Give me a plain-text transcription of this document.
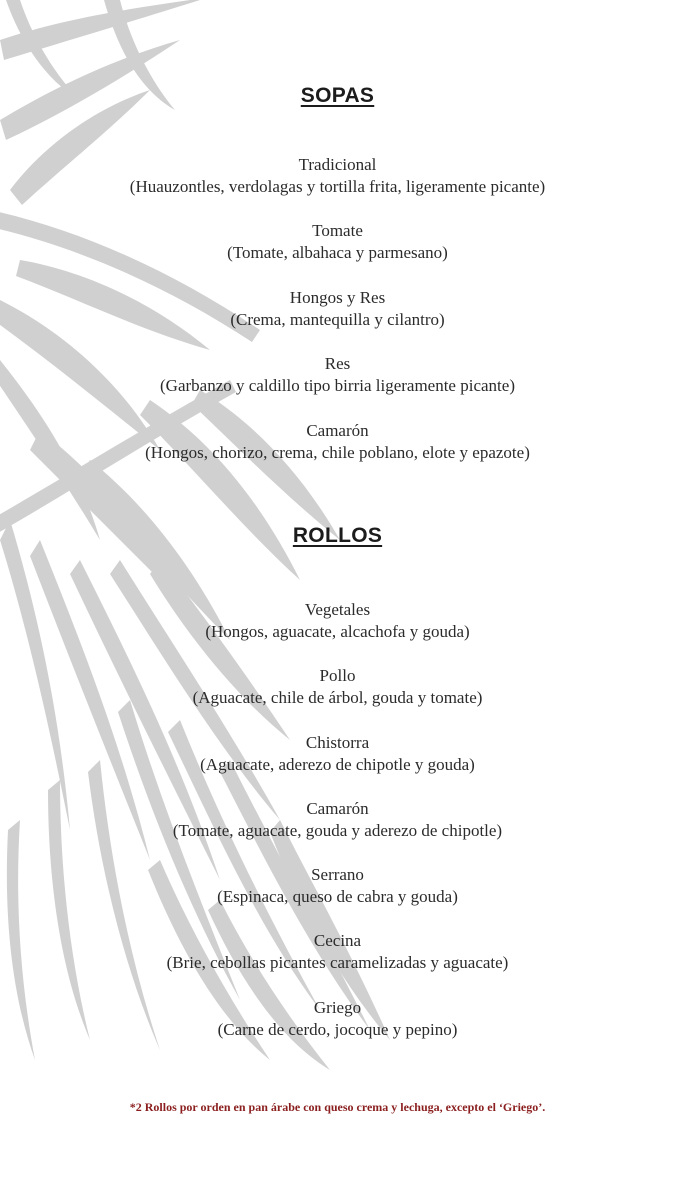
SOPAS
Tradicional
(Huauzontles, verdolagas y tortilla frita, ligeramente picante)
Tomate
(Tomate, albahaca y parmesano)
Hongos y Res
(Crema, mantequilla y cilantro)
Res
(Garbanzo y caldillo tipo birria ligeramente picante)
Camarón
(Hongos, chorizo, crema, chile poblano, elote y epazote)
ROLLOS
Vegetales
(Hongos, aguacate, alcachofa y gouda)
Pollo
(Aguacate, chile de árbol, gouda y tomate)
Chistorra
(Aguacate, aderezo de chipotle y gouda)
Camarón
(Tomate, aguacate, gouda y aderezo de chipotle)
Serrano
(Espinaca, queso de cabra y gouda)
Cecina
(Brie, cebollas picantes caramelizadas y aguacate)
Griego
(Carne de cerdo, jocoque y pepino)
*2 Rollos por orden en pan árabe con queso crema y lechuga, excepto el ‘Griego’.
